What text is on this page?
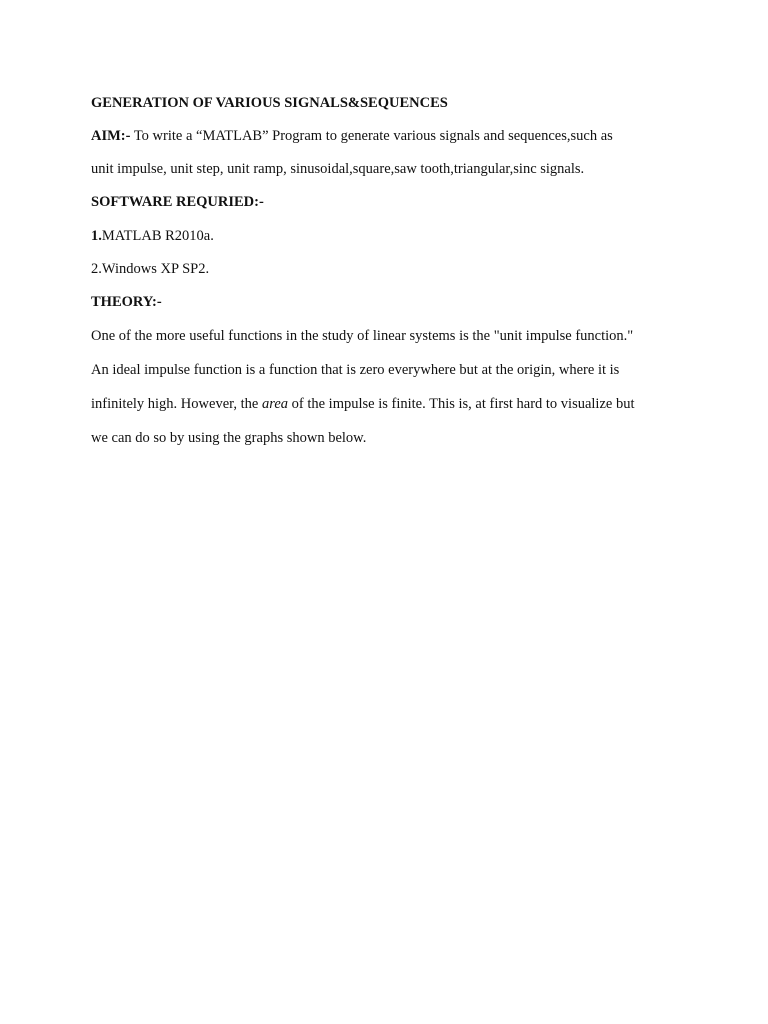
GENERATION OF VARIOUS SIGNALS&SEQUENCES
AIM:- To write a “MATLAB” Program to generate various signals and sequences,such as
unit impulse, unit step, unit ramp, sinusoidal,square,saw tooth,triangular,sinc signals.
SOFTWARE REQURIED:-
1.MATLAB R2010a.
2.Windows XP SP2.
THEORY:-
One of the more useful functions in the study of linear systems is the "unit impulse function."
An ideal impulse function is a function that is zero everywhere but at the origin, where it is
infinitely high. However, the area of the impulse is finite. This is, at first hard to visualize but
we can do so by using the graphs shown below.
